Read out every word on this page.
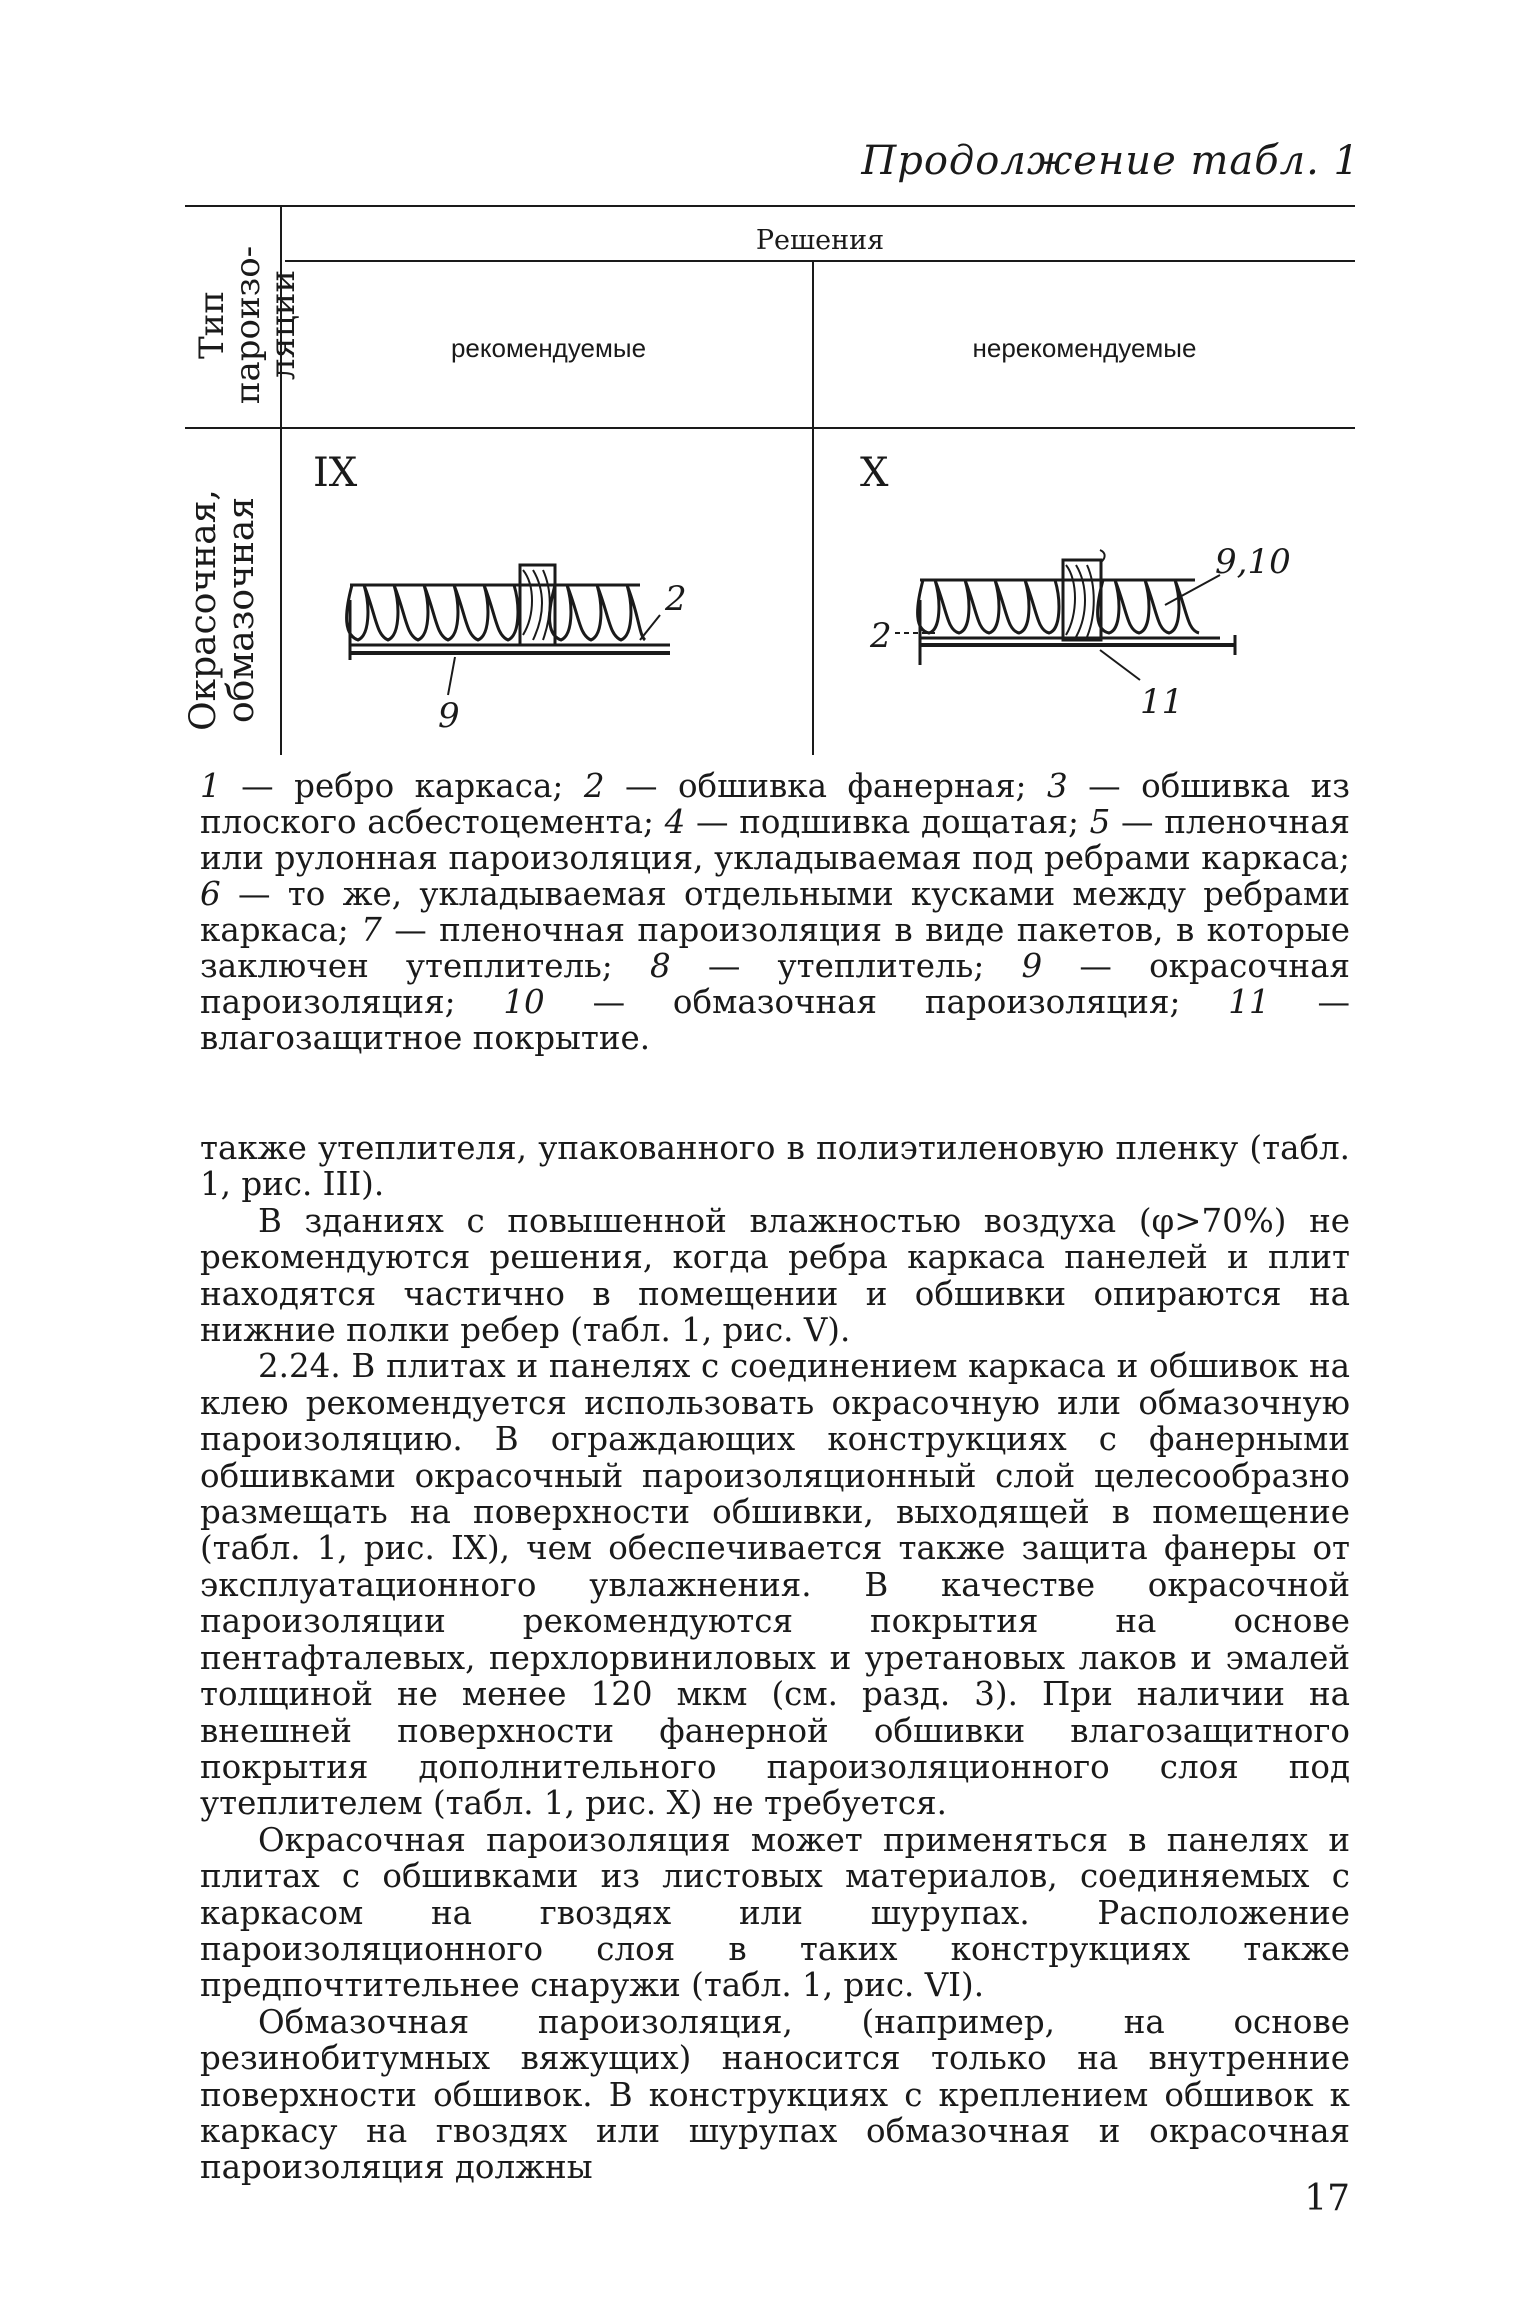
Продолжение табл. 1
Тип пароизо-
ляции
Решения
рекомендуемые	нерекомендуемые
Окрасочная,
обмазочная
IX	X
2
9
9,10
2
11
1 — ребро каркаса; 2 — обшивка фанерная; 3 — обшивка из плоского асбестоцемента; 4 — подшивка дощатая; 5 — пленочная или рулонная пароизоляция, укладываемая под ребрами каркаса; 6 — то же, укладываемая отдельными кусками между ребрами каркаса; 7 — пленочная пароизоляция в виде пакетов, в которые заключен утеплитель; 8 — утеплитель; 9 — окрасочная пароизоляция; 10 — обмазочная пароизоляция; 11 — влагозащитное покрытие.

также утеплителя, упакованного в полиэтиленовую пленку (табл. 1, рис. III).

В зданиях с повышенной влажностью воздуха (φ>70%) не рекомендуются решения, когда ребра каркаса панелей и плит находятся частично в помещении и обшивки опираются на нижние полки ребер (табл. 1, рис. V).

2.24. В плитах и панелях с соединением каркаса и обшивок на клею рекомендуется использовать окрасочную или обмазочную пароизоляцию. В ограждающих конструкциях с фанерными обшивками окрасочный пароизоляционный слой целесообразно размещать на поверхности обшивки, выходящей в помещение (табл. 1, рис. IX), чем обеспечивается также защита фанеры от эксплуатационного увлажнения. В качестве окрасочной пароизоляции рекомендуются покрытия на основе пентафталевых, перхлорвиниловых и уретановых лаков и эмалей толщиной не менее 120 мкм (см. разд. 3). При наличии на внешней поверхности фанерной обшивки влагозащитного покрытия дополнительного пароизоляционного слоя под утеплителем (табл. 1, рис. X) не требуется.

Окрасочная пароизоляция может применяться в панелях и плитах с обшивками из листовых материалов, соединяемых с каркасом на гвоздях или шурупах. Расположение пароизоляционного слоя в таких конструкциях также предпочтительнее снаружи (табл. 1, рис. VI).

Обмазочная пароизоляция, (например, на основе резинобитумных вяжущих) наносится только на внутренние поверхности обшивок. В конструкциях с креплением обшивок к каркасу на гвоздях или шурупах обмазочная и окрасочная пароизоляция должны

17
